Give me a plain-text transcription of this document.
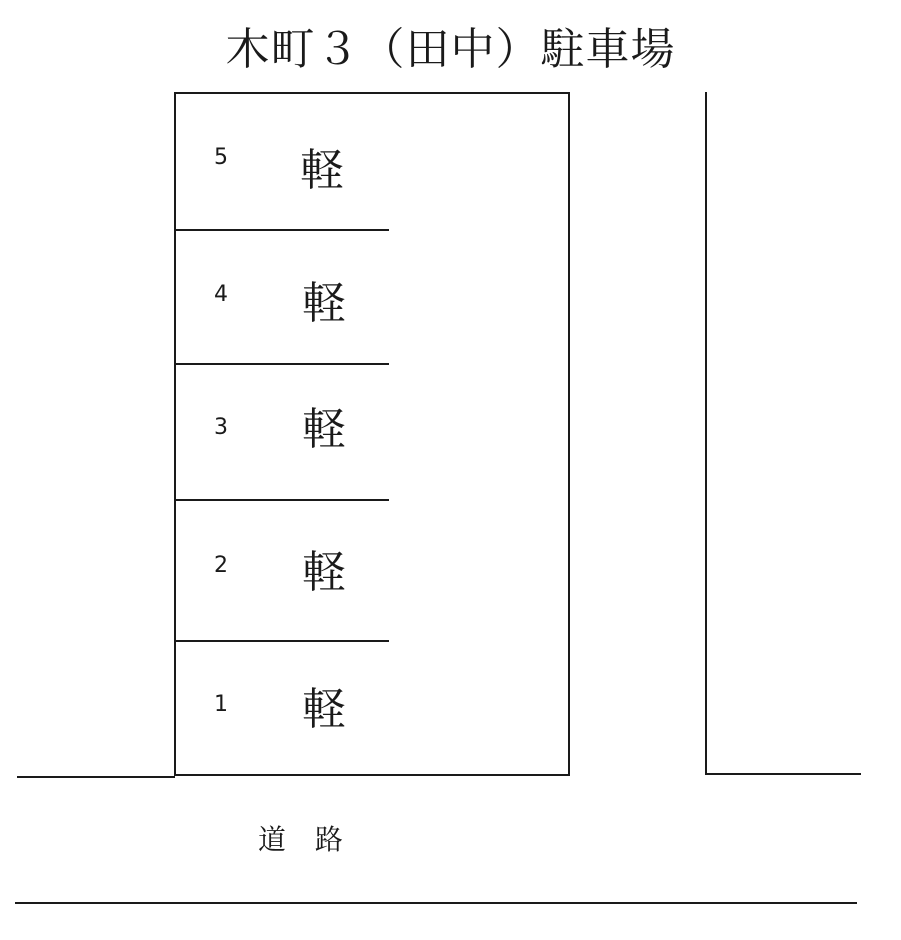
木町３（田中）駐車場
5 軽
4 軽
3 軽
2 軽
1 軽
道 路
